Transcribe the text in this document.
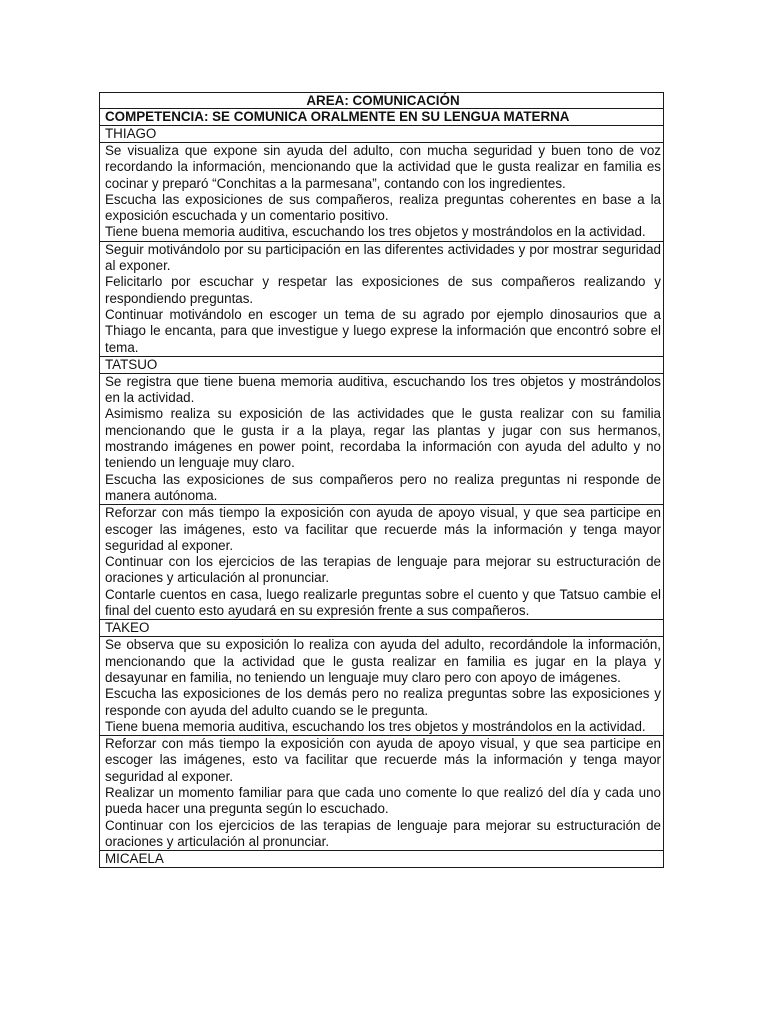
AREA: COMUNICACIÓN
COMPETENCIA: SE COMUNICA ORALMENTE EN SU LENGUA MATERNA
THIAGO

Se visualiza que expone sin ayuda del adulto, con mucha seguridad y buen tono de voz recordando la información, mencionando que la actividad que le gusta realizar en familia es cocinar y preparó “Conchitas a la parmesana”, contando con los ingredientes.

Escucha las exposiciones de sus compañeros, realiza preguntas coherentes en base a la exposición escuchada y un comentario positivo.

Tiene buena memoria auditiva, escuchando los tres objetos y mostrándolos en la actividad.

Seguir motivándolo por su participación en las diferentes actividades y por mostrar seguridad al exponer.

Felicitarlo por escuchar y respetar las exposiciones de sus compañeros realizando y respondiendo preguntas.

Continuar motivándolo en escoger un tema de su agrado por ejemplo dinosaurios que a Thiago le encanta, para que investigue y luego exprese la información que encontró sobre el tema.

TATSUO

Se registra que tiene buena memoria auditiva, escuchando los tres objetos y mostrándolos en la actividad.

Asimismo realiza su exposición de las actividades que le gusta realizar con su familia mencionando que le gusta ir a la playa, regar las plantas y jugar con sus hermanos, mostrando imágenes en power point, recordaba la información con ayuda del adulto y no teniendo un lenguaje muy claro.

Escucha las exposiciones de sus compañeros pero no realiza preguntas ni responde de manera autónoma.

Reforzar con más tiempo la exposición con ayuda de apoyo visual, y que sea participe en escoger las imágenes, esto va facilitar que recuerde más la información y tenga mayor seguridad al exponer.

Continuar con los ejercicios de las terapias de lenguaje para mejorar su estructuración de oraciones y articulación al pronunciar.

Contarle cuentos en casa, luego realizarle preguntas sobre el cuento y que Tatsuo cambie el final del cuento esto ayudará en su expresión frente a sus compañeros.

TAKEO

Se observa que su exposición lo realiza con ayuda del adulto, recordándole la información, mencionando que la actividad que le gusta realizar en familia es jugar en la playa y desayunar en familia, no teniendo un lenguaje muy claro pero con apoyo de imágenes.

Escucha las exposiciones de los demás pero no realiza preguntas sobre las exposiciones y responde con ayuda del adulto cuando se le pregunta.

Tiene buena memoria auditiva, escuchando los tres objetos y mostrándolos en la actividad.

Reforzar con más tiempo la exposición con ayuda de apoyo visual, y que sea participe en escoger las imágenes, esto va facilitar que recuerde más la información y tenga mayor seguridad al exponer.

Realizar un momento familiar para que cada uno comente lo que realizó del día y cada uno pueda hacer una pregunta según lo escuchado.

Continuar con los ejercicios de las terapias de lenguaje para mejorar su estructuración de oraciones y articulación al pronunciar.

MICAELA
